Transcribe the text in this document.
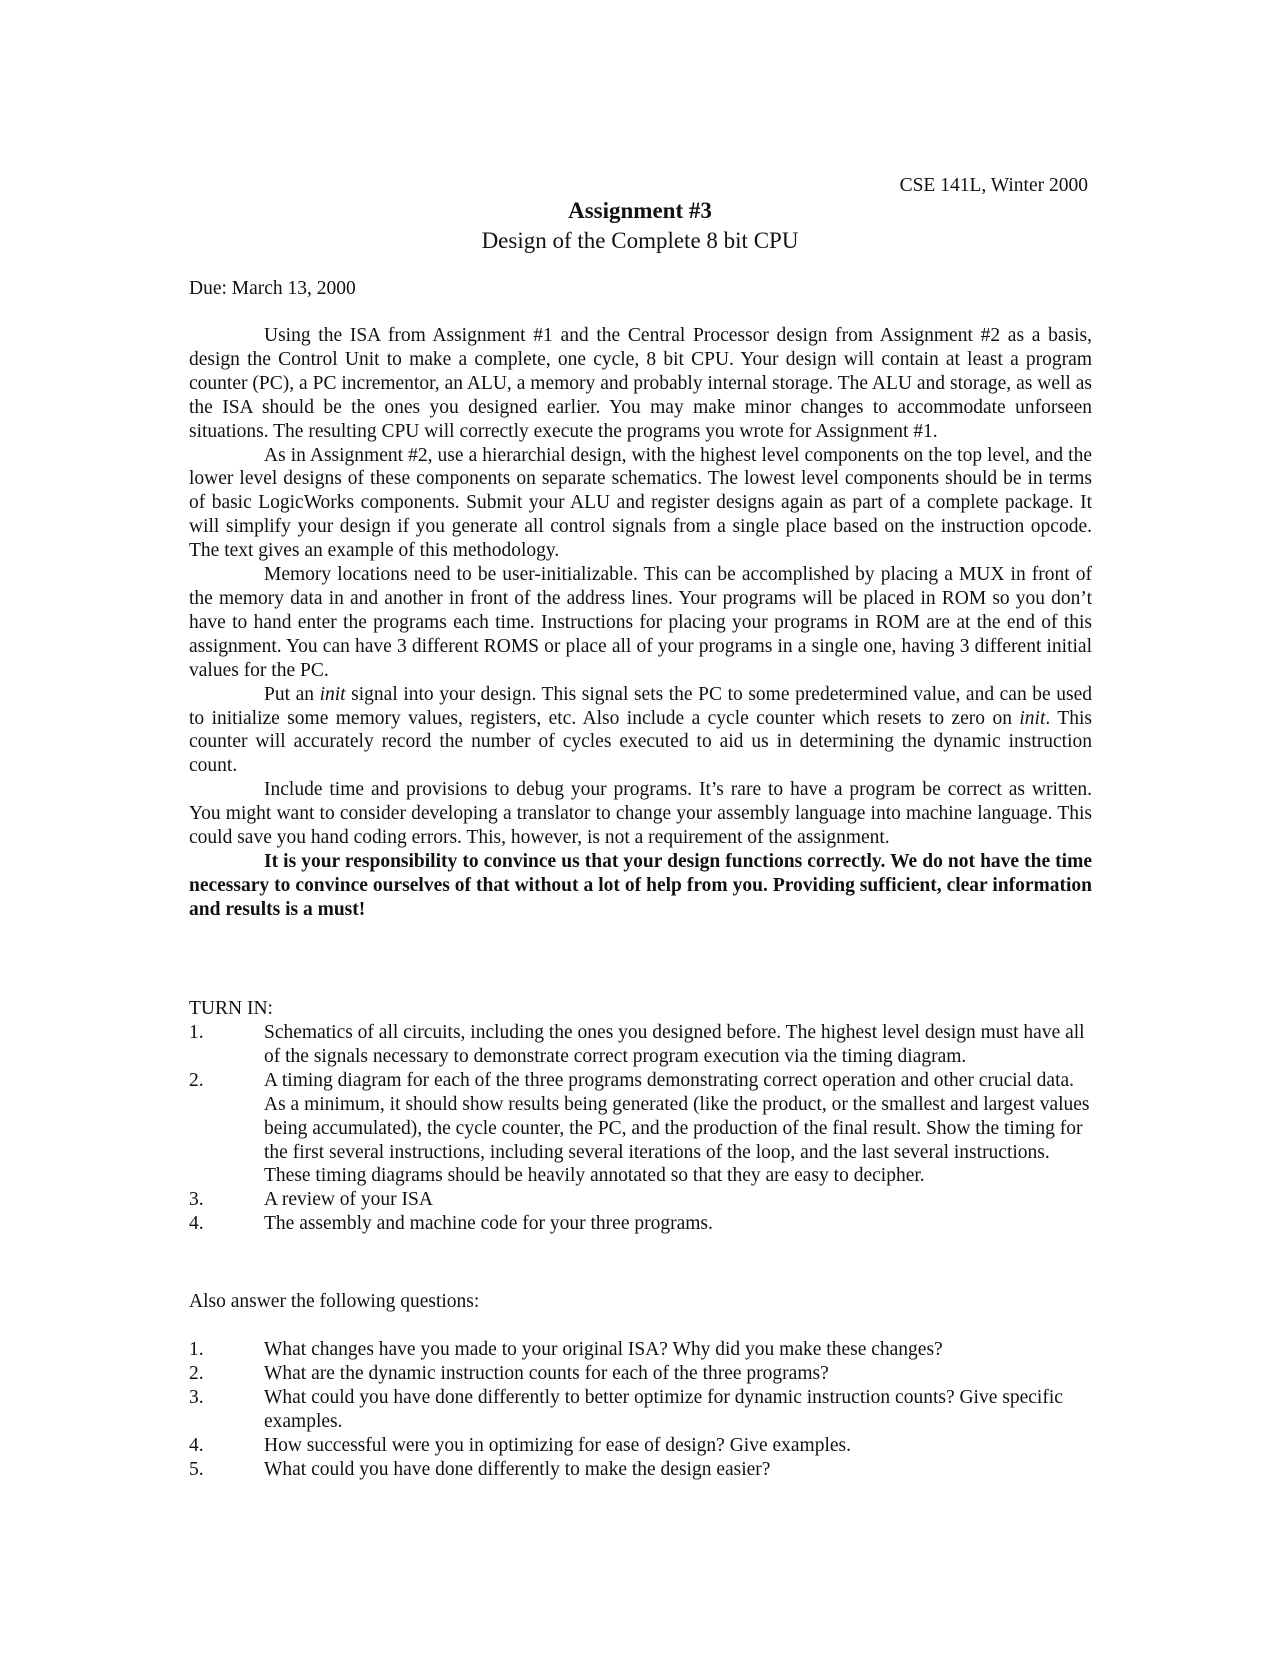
CSE 141L, Winter 2000
Assignment #3
Design of the Complete 8 bit CPU
Due: March 13, 2000

Using the ISA from Assignment #1 and the Central Processor design from Assignment #2 as a basis, design the Control Unit to make a complete, one cycle, 8 bit CPU. Your design will contain at least a program counter (PC), a PC incrementor, an ALU, a memory and probably internal storage. The ALU and storage, as well as the ISA should be the ones you designed earlier. You may make minor changes to accommodate unforseen situations. The resulting CPU will correctly execute the programs you wrote for Assignment #1.

As in Assignment #2, use a hierarchial design, with the highest level components on the top level, and the lower level designs of these components on separate schematics. The lowest level components should be in terms of basic LogicWorks components. Submit your ALU and register designs again as part of a complete package. It will simplify your design if you generate all control signals from a single place based on the instruction opcode. The text gives an example of this methodology.

Memory locations need to be user-initializable. This can be accomplished by placing a MUX in front of the memory data in and another in front of the address lines. Your programs will be placed in ROM so you don’t have to hand enter the programs each time. Instructions for placing your programs in ROM are at the end of this assignment. You can have 3 different ROMS or place all of your programs in a single one, having 3 different initial values for the PC.

Put an init signal into your design. This signal sets the PC to some predetermined value, and can be used to initialize some memory values, registers, etc. Also include a cycle counter which resets to zero on init. This counter will accurately record the number of cycles executed to aid us in determining the dynamic instruction count.

Include time and provisions to debug your programs. It’s rare to have a program be correct as written. You might want to consider developing a translator to change your assembly language into machine language. This could save you hand coding errors. This, however, is not a requirement of the assignment.

It is your responsibility to convince us that your design functions correctly. We do not have the time necessary to convince ourselves of that without a lot of help from you. Providing sufficient, clear information and results is a must!

TURN IN:
1.	Schematics of all circuits, including the ones you designed before. The highest level design must have all of the signals necessary to demonstrate correct program execution via the timing diagram.
2.	A timing diagram for each of the three programs demonstrating correct operation and other crucial data. As a minimum, it should show results being generated (like the product, or the smallest and largest values being accumulated), the cycle counter, the PC, and the production of the final result. Show the timing for the first several instructions, including several iterations of the loop, and the last several instructions. These timing diagrams should be heavily annotated so that they are easy to decipher.
3.	A review of your ISA
4.	The assembly and machine code for your three programs.
Also answer the following questions:
1.	What changes have you made to your original ISA? Why did you make these changes?
2.	What are the dynamic instruction counts for each of the three programs?
3.	What could you have done differently to better optimize for dynamic instruction counts? Give specific examples.
4.	How successful were you in optimizing for ease of design? Give examples.
5.	What could you have done differently to make the design easier?
